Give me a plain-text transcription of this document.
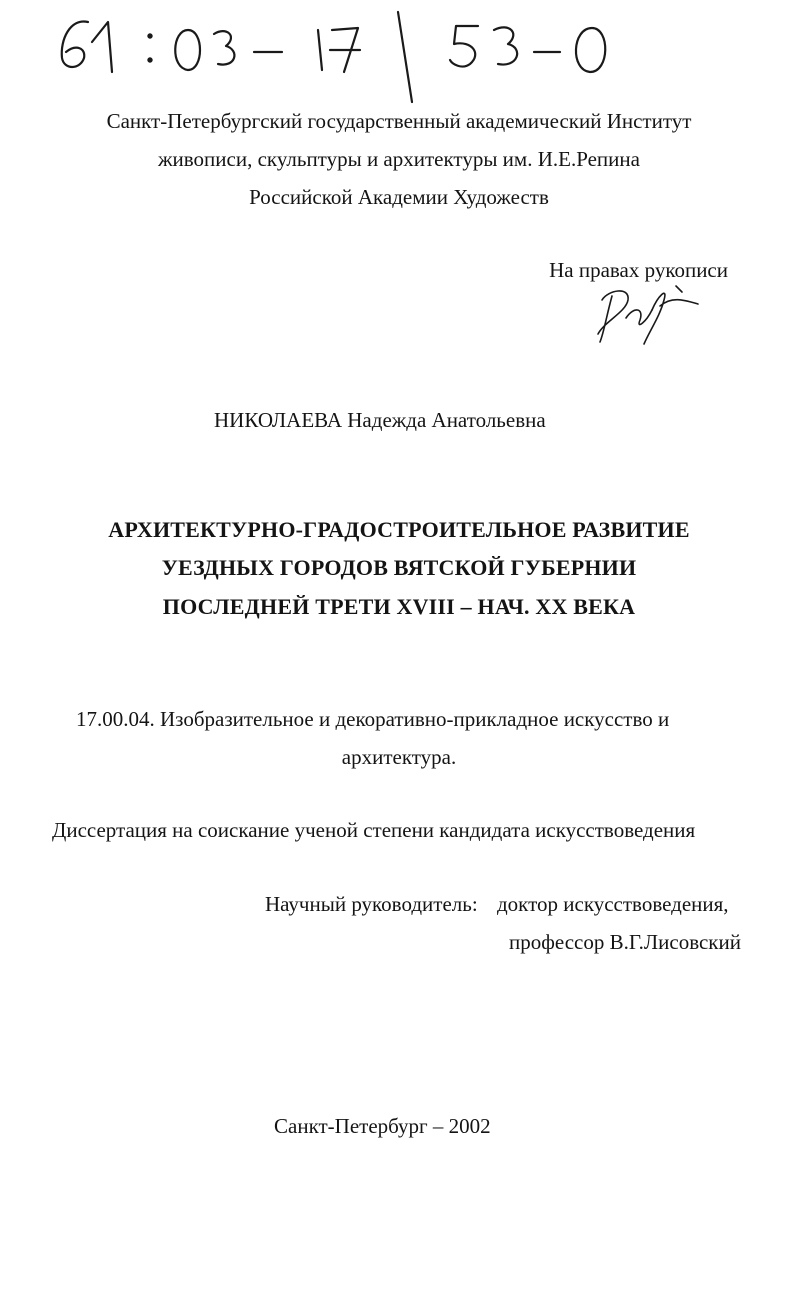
Санкт-Петербургский государственный академический Институт
живописи, скульптуры и архитектуры им. И.Е.Репина
Российской Академии Художеств
На правах рукописи
НИКОЛАЕВА Надежда Анатольевна
АРХИТЕКТУРНО-ГРАДОСТРОИТЕЛЬНОЕ РАЗВИТИЕ
УЕЗДНЫХ ГОРОДОВ ВЯТСКОЙ ГУБЕРНИИ
ПОСЛЕДНЕЙ ТРЕТИ XVIII – НАЧ. XX ВЕКА
17.00.04. Изобразительное и декоративно-прикладное искусство и
архитектура.
Диссертация на соискание ученой степени кандидата искусствоведения
Научный руководитель: доктор искусствоведения,
профессор В.Г.Лисовский
Санкт-Петербург – 2002
